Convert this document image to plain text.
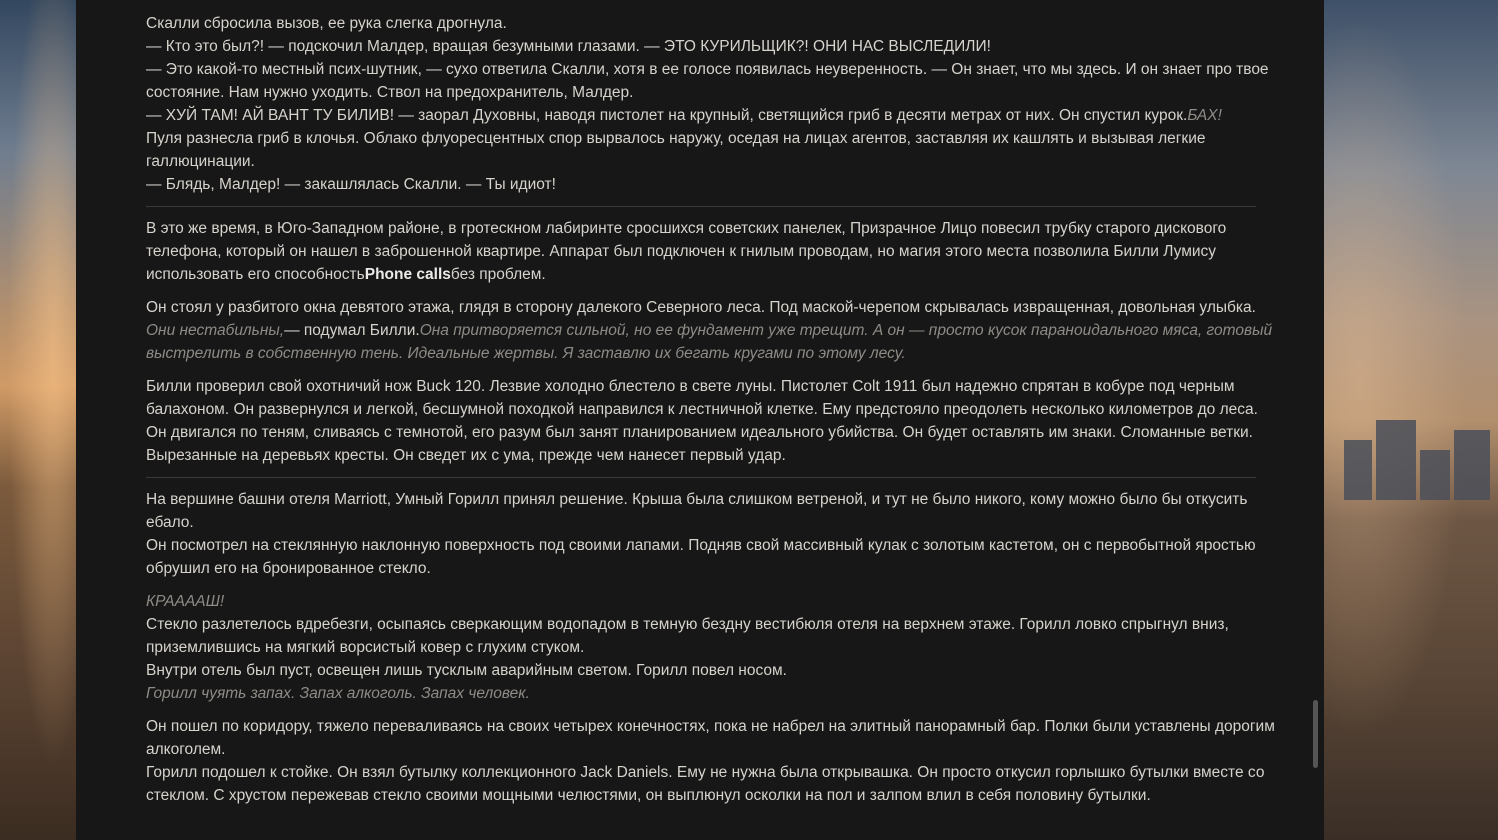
Скалли сбросила вызов, ее рука слегка дрогнула.
— Кто это был?! — подскочил Малдер, вращая безумными глазами. — ЭТО КУРИЛЬЩИК?! ОНИ НАС ВЫСЛЕДИЛИ!
— Это какой-то местный псих-шутник, — сухо ответила Скалли, хотя в ее голосе появилась неуверенность. — Он знает, что мы здесь. И он знает про твое состояние. Нам нужно уходить. Ствол на предохранитель, Малдер.
— ХУЙ ТАМ! АЙ ВАНТ ТУ БИЛИВ! — заорал Духовны, наводя пистолет на крупный, светящийся гриб в десяти метрах от них. Он спустил курок.БАХ!
Пуля разнесла гриб в клочья. Облако флуоресцентных спор вырвалось наружу, оседая на лицах агентов, заставляя их кашлять и вызывая легкие галлюцинации.
— Блядь, Малдер! — закашлялась Скалли. — Ты идиот!

В это же время, в Юго-Западном районе, в гротескном лабиринте сросшихся советских панелек, Призрачное Лицо повесил трубку старого дискового телефона, который он нашел в заброшенной квартире. Аппарат был подключен к гнилым проводам, но магия этого места позволила Билли Лумису использовать его способностьPhone callsбез проблем.

Он стоял у разбитого окна девятого этажа, глядя в сторону далекого Северного леса. Под маской-черепом скрывалась извращенная, довольная улыбка.
Они нестабильны,— подумал Билли.Она притворяется сильной, но ее фундамент уже трещит. А он — просто кусок параноидального мяса, готовый выстрелить в собственную тень. Идеальные жертвы. Я заставлю их бегать кругами по этому лесу.

Билли проверил свой охотничий нож Buck 120. Лезвие холодно блестело в свете луны. Пистолет Colt 1911 был надежно спрятан в кобуре под черным балахоном. Он развернулся и легкой, бесшумной походкой направился к лестничной клетке. Ему предстояло преодолеть несколько километров до леса. Он двигался по теням, сливаясь с темнотой, его разум был занят планированием идеального убийства. Он будет оставлять им знаки. Сломанные ветки. Вырезанные на деревьях кресты. Он сведет их с ума, прежде чем нанесет первый удар.

На вершине башни отеля Marriott, Умный Горилл принял решение. Крыша была слишком ветреной, и тут не было никого, кому можно было бы откусить ебало.
Он посмотрел на стеклянную наклонную поверхность под своими лапами. Подняв свой массивный кулак с золотым кастетом, он с первобытной яростью обрушил его на бронированное стекло.

КРАААAШ!
Стекло разлетелось вдребезги, осыпаясь сверкающим водопадом в темную бездну вестибюля отеля на верхнем этаже. Горилл ловко спрыгнул вниз, приземлившись на мягкий ворсистый ковер с глухим стуком.
Внутри отель был пуст, освещен лишь тусклым аварийным светом. Горилл повел носом.
Горилл чуять запах. Запах алкоголь. Запах человек.

Он пошел по коридору, тяжело переваливаясь на своих четырех конечностях, пока не набрел на элитный панорамный бар. Полки были уставлены дорогим алкоголем.
Горилл подошел к стойке. Он взял бутылку коллекционного Jack Daniels. Ему не нужна была открывашка. Он просто откусил горлышко бутылки вместе со стеклом. С хрустом пережевав стекло своими мощными челюстями, он выплюнул осколки на пол и залпом влил в себя половину бутылки.
